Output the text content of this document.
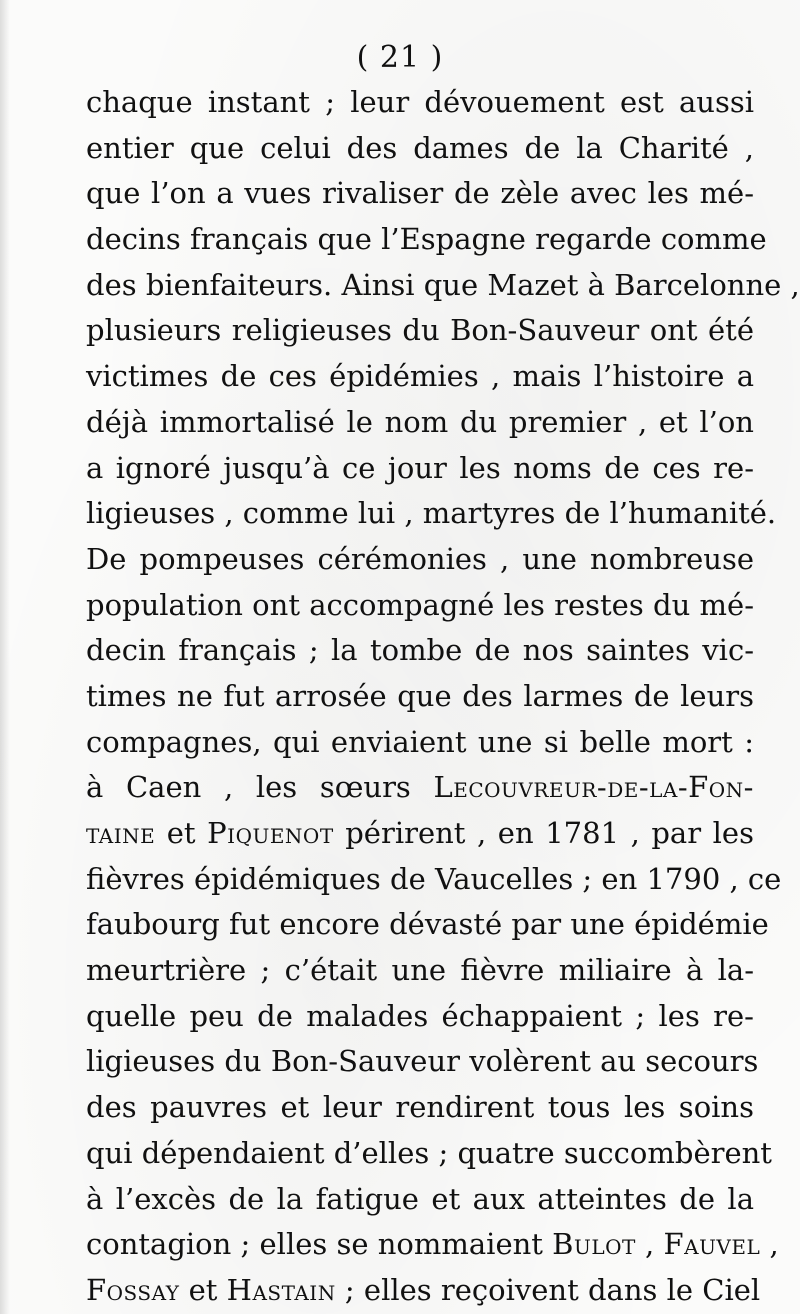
( 21 )
chaque instant ; leur dévouement est aussi
entier que celui des dames de la Charité ,
que l’on a vues rivaliser de zèle avec les mé-
decins français que l’Espagne regarde comme
des bienfaiteurs. Ainsi que Mazet à Barcelonne ,
plusieurs religieuses du Bon-Sauveur ont été
victimes de ces épidémies , mais l’histoire a
déjà immortalisé le nom du premier , et l’on
a ignoré jusqu’à ce jour les noms de ces re-
ligieuses , comme lui , martyres de l’humanité.
De pompeuses cérémonies , une nombreuse
population ont accompagné les restes du mé-
decin français ; la tombe de nos saintes vic-
times ne fut arrosée que des larmes de leurs
compagnes, qui enviaient une si belle mort :
à Caen , les sœurs Lecouvreur-de-la-Fon-
taine et Piquenot périrent , en 1781 , par les
fièvres épidémiques de Vaucelles ; en 1790 , ce
faubourg fut encore dévasté par une épidémie
meurtrière ; c’était une fièvre miliaire à la-
quelle peu de malades échappaient ; les re-
ligieuses du Bon-Sauveur volèrent au secours
des pauvres et leur rendirent tous les soins
qui dépendaient d’elles ; quatre succombèrent
à l’excès de la fatigue et aux atteintes de la
contagion ; elles se nommaient Bulot , Fauvel ,
Fossay et Hastain ; elles reçoivent dans le Ciel
